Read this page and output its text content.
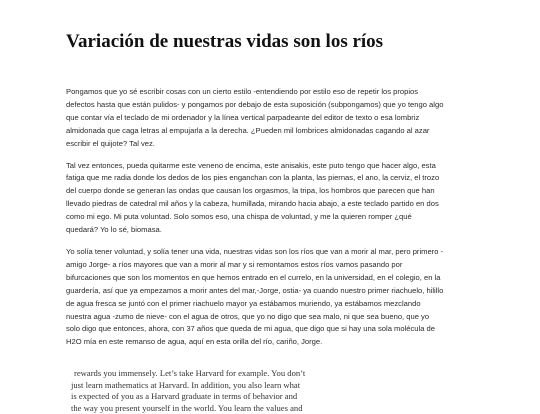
Variación de nuestras vidas son los ríos

Pongamos que yo sé escribir cosas con un cierto estilo -entendiendo por estilo eso de repetir los propios defectos hasta que están pulidos- y pongamos por debajo de esta suposición (subpongamos) que yo tengo algo que contar vía el teclado de mi ordenador y la línea vertical parpadeante del editor de texto o esa lombriz almidonada que caga letras al empujarla a la derecha. ¿Pueden mil lombrices almidonadas cagando al azar escribir el quijote? Tal vez.

Tal vez entonces, pueda quitarme este veneno de encima, este anisakis, este puto tengo que hacer algo, esta fatiga que me radia donde los dedos de los pies enganchan con la planta, las piernas, el ano, la cerviz, el trozo del cuerpo donde se generan las ondas que causan los orgasmos, la tripa, los hombros que parecen que han llevado piedras de catedral mil años y la cabeza, humillada, mirando hacia abajo, a este teclado partido en dos como mi ego. Mi puta voluntad. Solo somos eso, una chispa de voluntad, y me la quieren romper ¿qué quedará? Yo lo sé, biomasa.

Yo solía tener voluntad, y solía tener una vida, nuestras vidas son los ríos que van a morir al mar, pero primero -amigo Jorge- a ríos mayores que van a morir al mar y si remontamos estos ríos vamos pasando por bifurcaciones que son los momentos en que hemos entrado en el currelo, en la universidad, en el colegio, en la guardería, así que ya empezamos a morir antes del mar,-Jorge, ostia- ya cuando nuestro primer riachuelo, hilillo de agua fresca se juntó con el primer riachuelo mayor ya estábamos muriendo, ya estábamos mezclando nuestra agua -zumo de nieve- con el agua de otros, que yo no digo que sea malo, ni que sea bueno, que yo solo digo que entonces, ahora, con 37 años que queda de mi agua, que digo que si hay una sola molécula de H2O mía en este remanso de agua, aquí en esta orilla del río, cariño, Jorge.

rewards you immensely. Let’s take Harvard for example. You don’t
just learn mathematics at Harvard. In addition, you also learn what
is expected of you as a Harvard graduate in terms of behavior and
the way you present yourself in the world. You learn the values and
